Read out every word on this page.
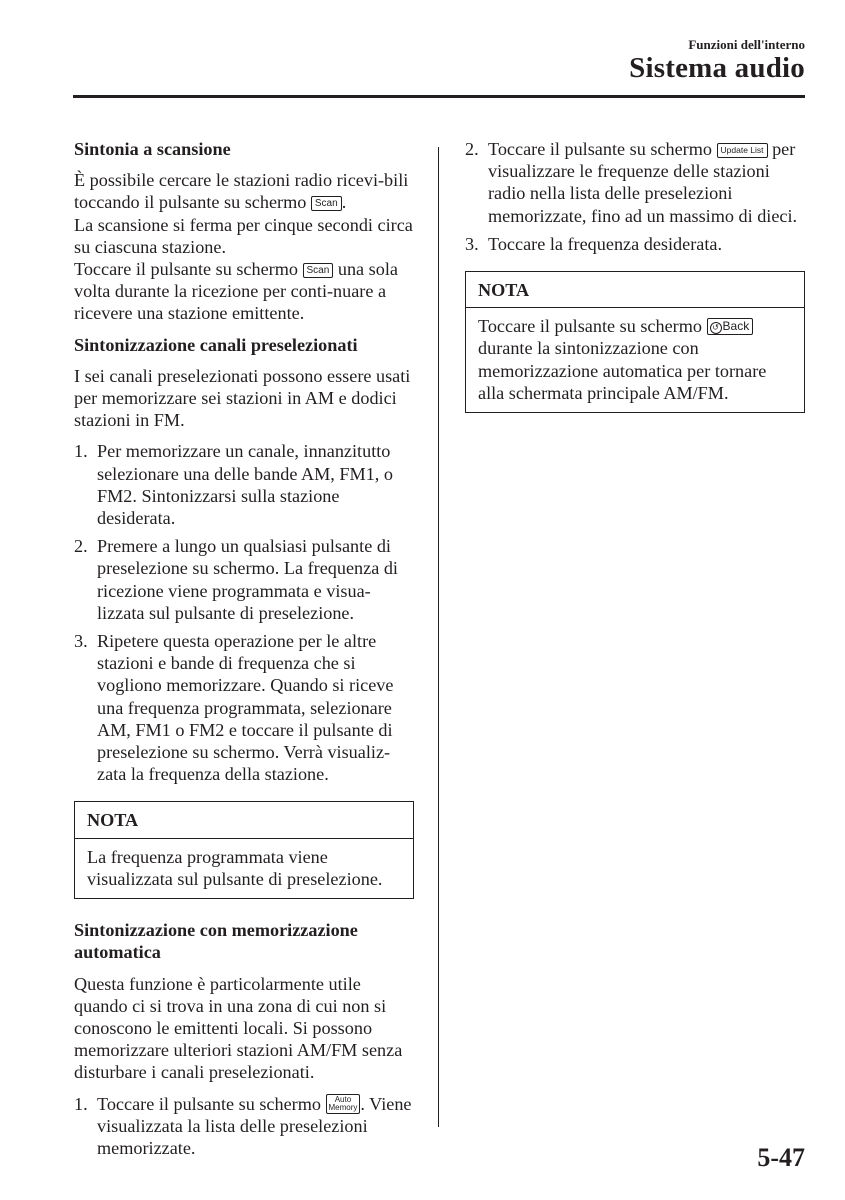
Funzioni dell'interno
Sistema audio
Sintonia a scansione

È possibile cercare le stazioni radio ricevi-bili toccando il pulsante su schermo Scan .
La scansione si ferma per cinque secondi circa su ciascuna stazione.
Toccare il pulsante su schermo Scan una sola volta durante la ricezione per conti-nuare a ricevere una stazione emittente.

Sintonizzazione canali preselezionati

I sei canali preselezionati possono essere usati per memorizzare sei stazioni in AM e dodici stazioni in FM.

1. Per memorizzare un canale, innanzitutto selezionare una delle bande AM, FM1, o FM2. Sintonizzarsi sulla stazione desiderata.
2. Premere a lungo un qualsiasi pulsante di preselezione su schermo. La frequenza di ricezione viene programmata e visua-lizzata sul pulsante di preselezione.
3. Ripetere questa operazione per le altre stazioni e bande di frequenza che si vogliono memorizzare. Quando si riceve una frequenza programmata, selezionare AM, FM1 o FM2 e toccare il pulsante di preselezione su schermo. Verrà visualiz-zata la frequenza della stazione.
NOTA
La frequenza programmata viene visualizzata sul pulsante di preselezione.
Sintonizzazione con memorizzazione automatica

Questa funzione è particolarmente utile quando ci si trova in una zona di cui non si conoscono le emittenti locali. Si possono memorizzare ulteriori stazioni AM/FM senza disturbare i canali preselezionati.

1. Toccare il pulsante su schermo Auto
Memory . Viene visualizzata la lista delle preselezioni memorizzate.
2. Toccare il pulsante su schermo Update List per visualizzare le frequenze delle stazioni radio nella lista delle preselezioni memorizzate, fino ad un massimo di dieci.
3. Toccare la frequenza desiderata.
NOTA
Toccare il pulsante su schermo ↺ Back durante la sintonizzazione con memorizzazione automatica per tornare alla schermata principale AM/FM.
5-47
